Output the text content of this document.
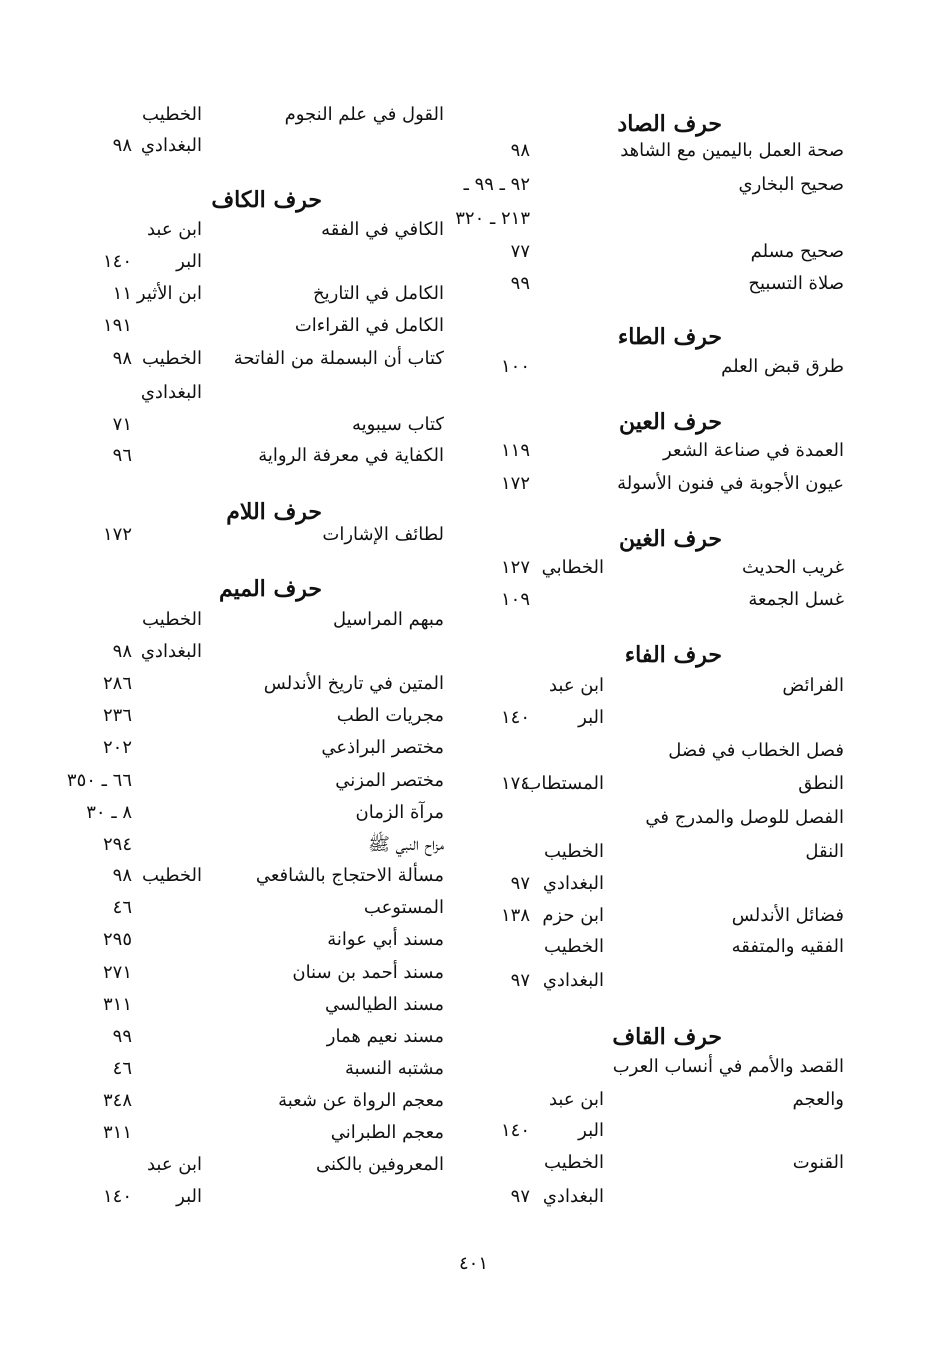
حرف الصاد
صحة العمل باليمين مع الشاهد
٩٨
صحيح البخاري
٩٢ ـ ٩٩ ـ
٢١٣ ـ ٣٢٠
صحيح مسلم
٧٧
صلاة التسبيح
٩٩
حرف الطاء
طرق قبض العلم
١٠٠
حرف العين
العمدة في صناعة الشعر
١١٩
عيون الأجوبة في فنون الأسولة
١٧٢
حرف الغين
غريب الحديث
الخطابي
١٢٧
غسل الجمعة
١٠٩
حرف الفاء
الفرائض
ابن عبد
البر
١٤٠
فصل الخطاب في فضل
النطق
المستطاب
١٧٤
الفصل للوصل والمدرج في
النقل
الخطيب
البغدادي
٩٧
فضائل الأندلس
ابن حزم
١٣٨
الفقيه والمتفقه
الخطيب
البغدادي
٩٧
حرف القاف
القصد والأمم في أنساب العرب
والعجم
ابن عبد
البر
١٤٠
القنوت
الخطيب
البغدادي
٩٧
القول في علم النجوم
الخطيب
البغدادي
٩٨
حرف الكاف
الكافي في الفقه
ابن عبد
البر
١٤٠
الكامل في التاريخ
ابن الأثير
١١
الكامل في القراءات
١٩١
كتاب أن البسملة من الفاتحة
الخطيب
٩٨
البغدادي
كتاب سيبويه
٧١
الكفاية في معرفة الرواية
٩٦
حرف اللام
لطائف الإشارات
١٧٢
حرف الميم
مبهم المراسيل
الخطيب
البغدادي
٩٨
المتين في تاريخ الأندلس
٢٨٦
مجريات الطب
٢٣٦
مختصر البراذعي
٢٠٢
مختصر المزني
٦٦ ـ ٣٥٠
مرآة الزمان
٨ ـ ٣٠
مزاح النبي ﷺ
٢٩٤
مسألة الاحتجاج بالشافعي
الخطيب
٩٨
المستوعب
٤٦
مسند أبي عوانة
٢٩٥
مسند أحمد بن سنان
٢٧١
مسند الطيالسي
٣١١
مسند نعيم همار
٩٩
مشتبه النسبة
٤٦
معجم الرواة عن شعبة
٣٤٨
معجم الطبراني
٣١١
المعروفين بالكنى
ابن عبد
البر
١٤٠
٤٠١
